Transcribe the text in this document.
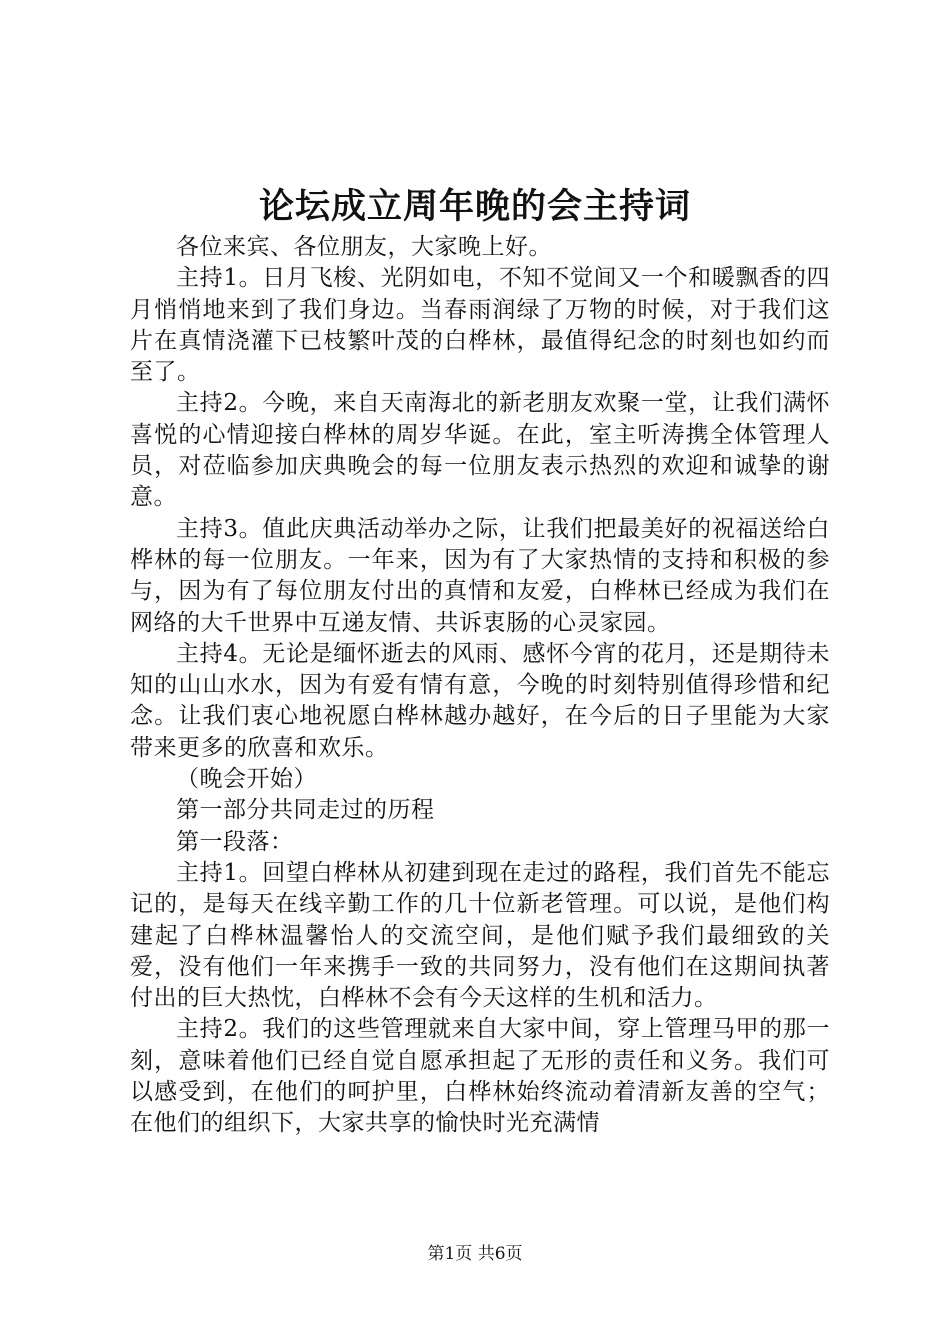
论坛成立周年晚的会主持词

各位来宾、各位朋友，大家晚上好。

主持1。日月飞梭、光阴如电，不知不觉间又一个和暖飘香的四月悄悄地来到了我们身边。当春雨润绿了万物的时候，对于我们这片在真情浇灌下已枝繁叶茂的白桦林，最值得纪念的时刻也如约而至了。

主持2。今晚，来自天南海北的新老朋友欢聚一堂，让我们满怀喜悦的心情迎接白桦林的周岁华诞。在此，室主听涛携全体管理人员，对莅临参加庆典晚会的每一位朋友表示热烈的欢迎和诚挚的谢意。

主持3。值此庆典活动举办之际，让我们把最美好的祝福送给白桦林的每一位朋友。一年来，因为有了大家热情的支持和积极的参与，因为有了每位朋友付出的真情和友爱，白桦林已经成为我们在网络的大千世界中互递友情、共诉衷肠的心灵家园。

主持4。无论是缅怀逝去的风雨、感怀今宵的花月，还是期待未知的山山水水，因为有爱有情有意，今晚的时刻特别值得珍惜和纪念。让我们衷心地祝愿白桦林越办越好，在今后的日子里能为大家带来更多的欣喜和欢乐。

（晚会开始）

第一部分共同走过的历程

第一段落：

主持1。回望白桦林从初建到现在走过的路程，我们首先不能忘记的，是每天在线辛勤工作的几十位新老管理。可以说，是他们构建起了白桦林温馨怡人的交流空间，是他们赋予我们最细致的关爱，没有他们一年来携手一致的共同努力，没有他们在这期间执著付出的巨大热忱，白桦林不会有今天这样的生机和活力。

主持2。我们的这些管理就来自大家中间，穿上管理马甲的那一刻，意味着他们已经自觉自愿承担起了无形的责任和义务。我们可以感受到，在他们的呵护里，白桦林始终流动着清新友善的空气；在他们的组织下，大家共享的愉快时光充满情

第1页 共6页
